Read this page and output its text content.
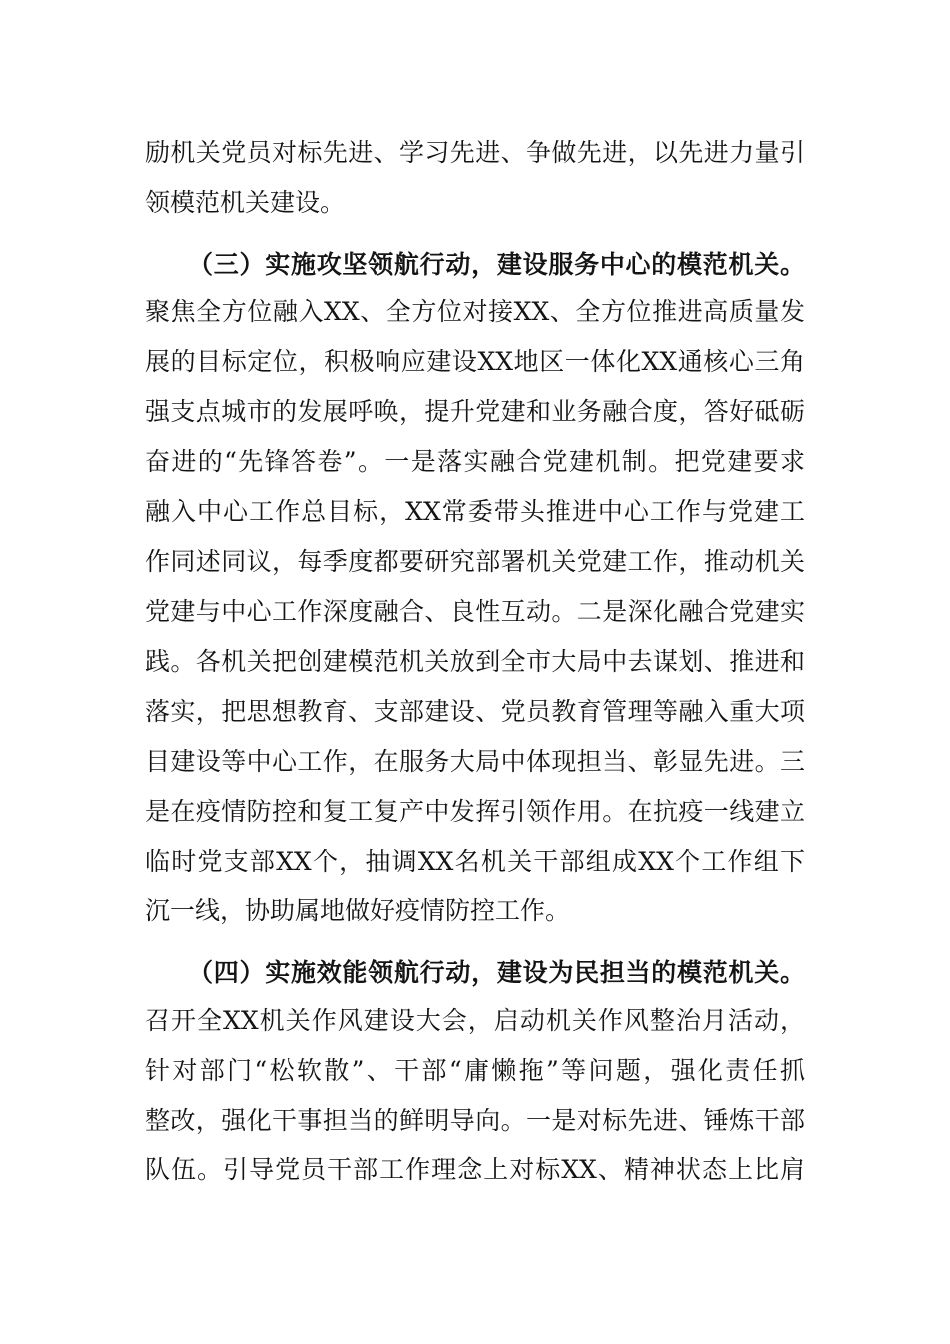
励机关党员对标先进、学习先进、争做先进，以先进力量引
领模范机关建设。
（三）实施攻坚领航行动，建设服务中心的模范机关。
聚焦全方位融入XX、全方位对接XX、全方位推进高质量发
展的目标定位，积极响应建设XX地区一体化XX通核心三角
强支点城市的发展呼唤，提升党建和业务融合度，答好砥砺
奋进的“先锋答卷”。一是落实融合党建机制。把党建要求
融入中心工作总目标，XX常委带头推进中心工作与党建工
作同述同议，每季度都要研究部署机关党建工作，推动机关
党建与中心工作深度融合、良性互动。二是深化融合党建实
践。各机关把创建模范机关放到全市大局中去谋划、推进和
落实，把思想教育、支部建设、党员教育管理等融入重大项
目建设等中心工作，在服务大局中体现担当、彰显先进。三
是在疫情防控和复工复产中发挥引领作用。在抗疫一线建立
临时党支部XX个，抽调XX名机关干部组成XX个工作组下
沉一线，协助属地做好疫情防控工作。
（四）实施效能领航行动，建设为民担当的模范机关。
召开全XX机关作风建设大会，启动机关作风整治月活动，
针对部门“松软散”、干部“庸懒拖”等问题，强化责任抓
整改，强化干事担当的鲜明导向。一是对标先进、锤炼干部
队伍。引导党员干部工作理念上对标XX、精神状态上比肩
